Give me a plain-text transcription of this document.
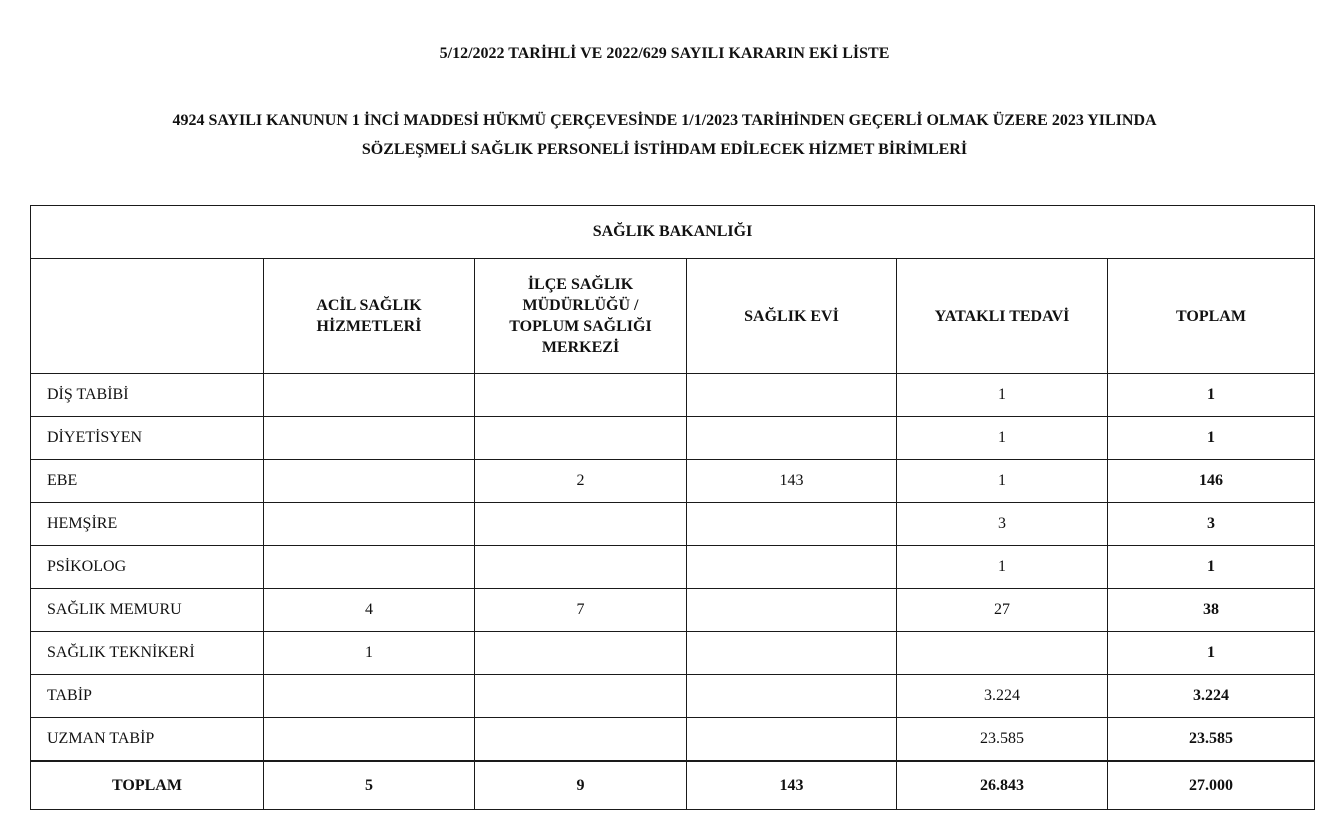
5/12/2022 TARİHLİ VE 2022/629 SAYILI KARARIN EKİ LİSTE
4924 SAYILI KANUNUN 1 İNCİ MADDESİ HÜKMÜ ÇERÇEVESİNDE 1/1/2023 TARİHİNDEN GEÇERLİ OLMAK ÜZERE 2023 YILINDA
SÖZLEŞMELİ SAĞLIK PERSONELİ İSTİHDAM EDİLECEK HİZMET BİRİMLERİ
SAĞLIK BAKANLIĞI					
	ACİL SAĞLIK HİZMETLERİ	İLÇE SAĞLIK MÜDÜRLÜĞÜ / TOPLUM SAĞLIĞI MERKEZİ	SAĞLIK EVİ	YATAKLI TEDAVİ	TOPLAM
DİŞ TABİBİ				1	1
DİYETİSYEN				1	1
EBE		2	143	1	146
HEMŞİRE				3	3
PSİKOLOG				1	1
SAĞLIK MEMURU	4	7		27	38
SAĞLIK TEKNİKERİ	1				1
TABİP				3.224	3.224
UZMAN TABİP				23.585	23.585
TOPLAM	5	9	143	26.843	27.000
